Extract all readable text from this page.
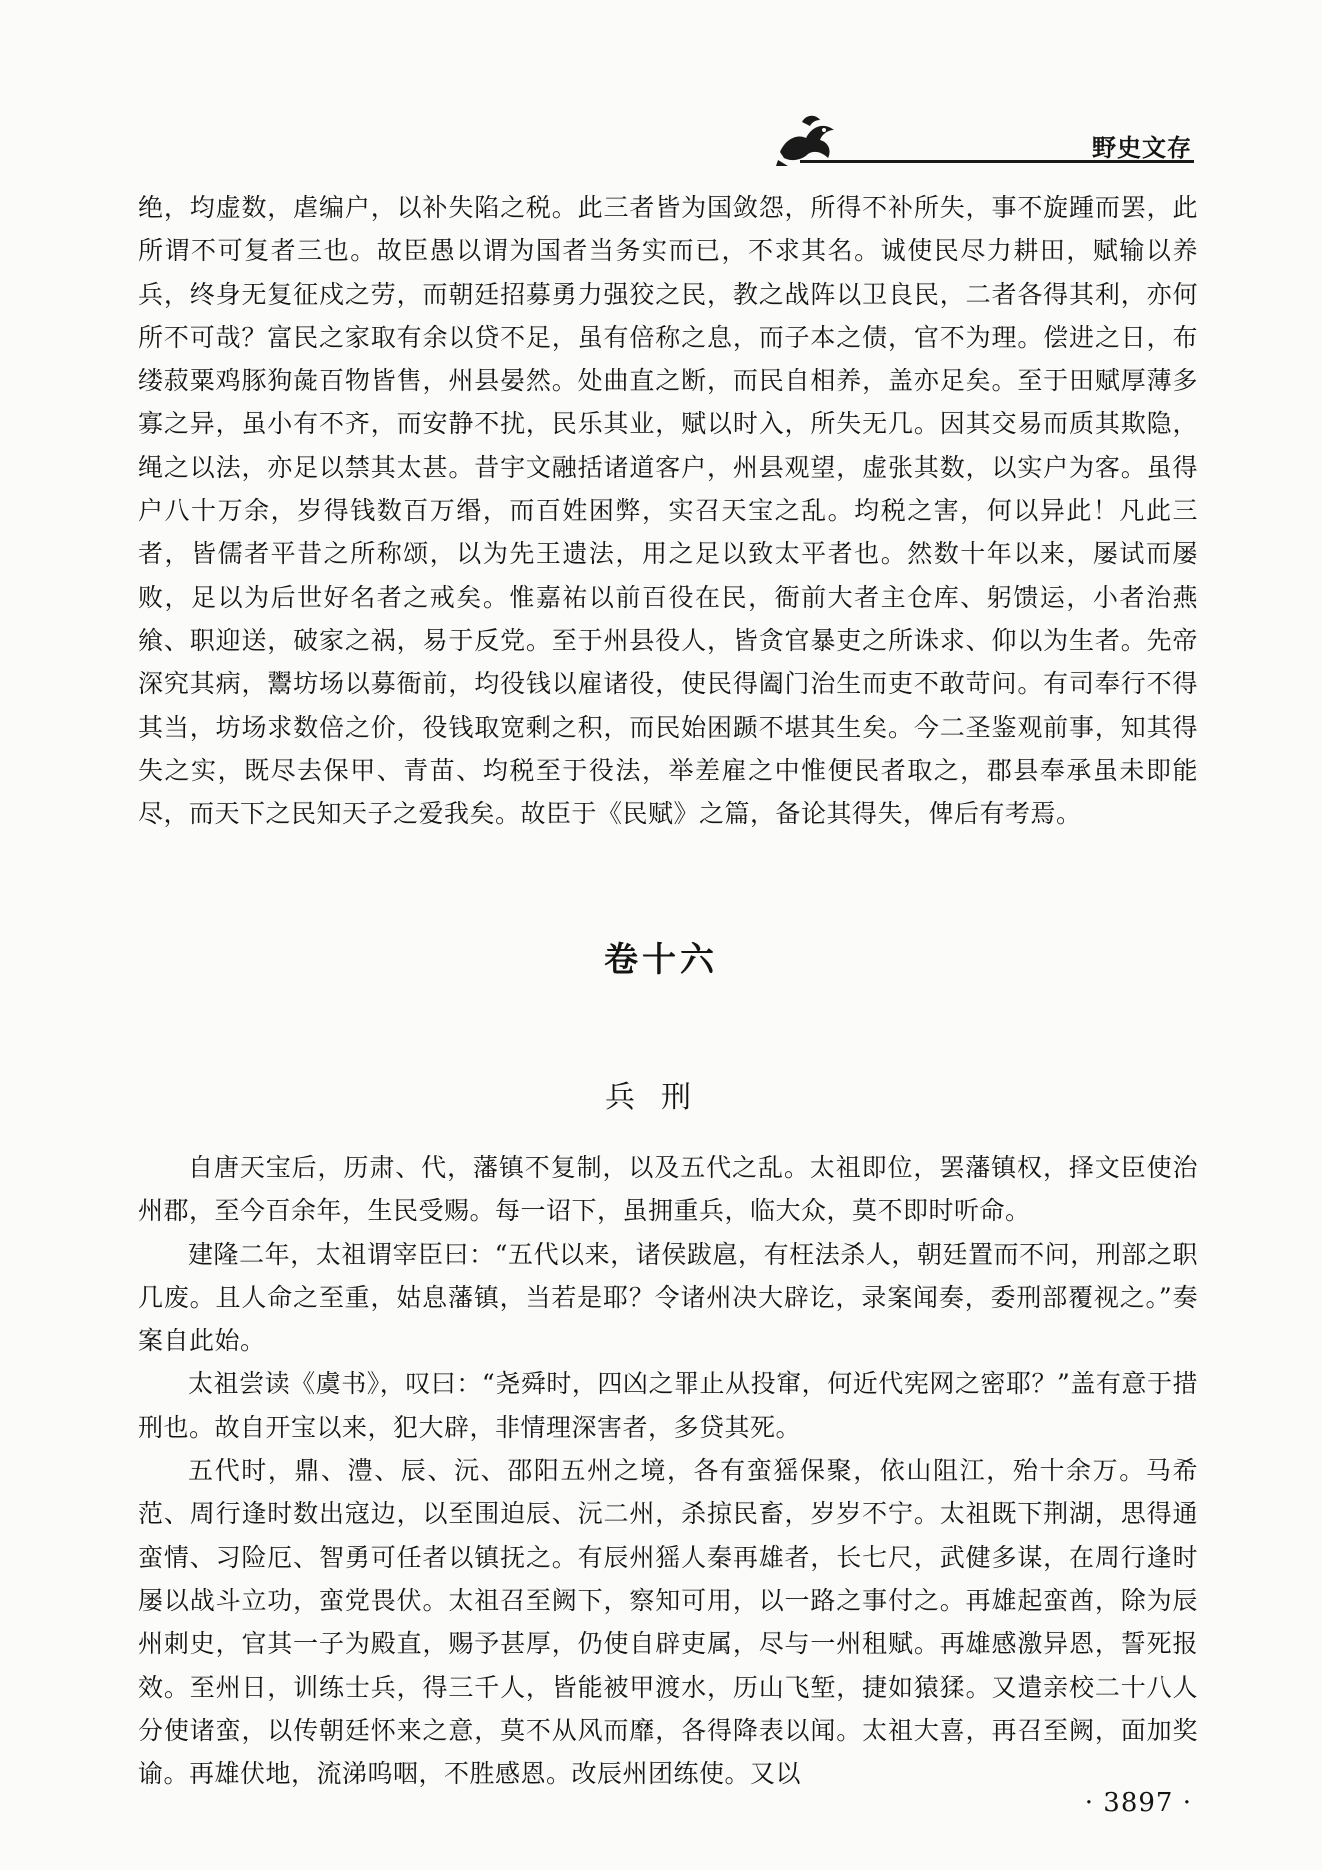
野史文存

绝，均虚数，虐编户，以补失陷之税。此三者皆为国敛怨，所得不补所失，事不旋踵而罢，此所谓不可复者三也。故臣愚以谓为国者当务实而已，不求其名。诚使民尽力耕田，赋输以养兵，终身无复征戍之劳，而朝廷招募勇力强狡之民，教之战阵以卫良民，二者各得其利，亦何所不可哉？富民之家取有余以贷不足，虽有倍称之息，而子本之债，官不为理。偿进之日，布缕菽粟鸡豚狗彘百物皆售，州县晏然。处曲直之断，而民自相养，盖亦足矣。至于田赋厚薄多寡之异，虽小有不齐，而安静不扰，民乐其业，赋以时入，所失无几。因其交易而质其欺隐，绳之以法，亦足以禁其太甚。昔宇文融括诸道客户，州县观望，虚张其数，以实户为客。虽得户八十万余，岁得钱数百万缗，而百姓困弊，实召天宝之乱。均税之害，何以异此！凡此三者，皆儒者平昔之所称颂，以为先王遗法，用之足以致太平者也。然数十年以来，屡试而屡败，足以为后世好名者之戒矣。惟嘉祐以前百役在民，衙前大者主仓库、躬馈运，小者治燕飨、职迎送，破家之祸，易于反党。至于州县役人，皆贪官暴吏之所诛求、仰以为生者。先帝深究其病，鬻坊场以募衙前，均役钱以雇诸役，使民得阖门治生而吏不敢苛问。有司奉行不得其当，坊场求数倍之价，役钱取宽剩之积，而民始困踬不堪其生矣。今二圣鉴观前事，知其得失之实，既尽去保甲、青苗、均税至于役法，举差雇之中惟便民者取之，郡县奉承虽未即能尽，而天下之民知天子之爱我矣。故臣于《民赋》之篇，备论其得失，俾后有考焉。

卷十六
兵刑

自唐天宝后，历肃、代，藩镇不复制，以及五代之乱。太祖即位，罢藩镇权，择文臣使治州郡，至今百余年，生民受赐。每一诏下，虽拥重兵，临大众，莫不即时听命。

建隆二年，太祖谓宰臣曰：“五代以来，诸侯跋扈，有枉法杀人，朝廷置而不问，刑部之职几废。且人命之至重，姑息藩镇，当若是耶？令诸州决大辟讫，录案闻奏，委刑部覆视之。”奏案自此始。

太祖尝读《虞书》，叹曰：“尧舜时，四凶之罪止从投窜，何近代宪网之密耶？”盖有意于措刑也。故自开宝以来，犯大辟，非情理深害者，多贷其死。

五代时，鼎、澧、辰、沅、邵阳五州之境，各有蛮猺保聚，依山阻江，殆十余万。马希范、周行逢时数出寇边，以至围迫辰、沅二州，杀掠民畜，岁岁不宁。太祖既下荆湖，思得通蛮情、习险厄、智勇可任者以镇抚之。有辰州猺人秦再雄者，长七尺，武健多谋，在周行逢时屡以战斗立功，蛮党畏伏。太祖召至阙下，察知可用，以一路之事付之。再雄起蛮酋，除为辰州刺史，官其一子为殿直，赐予甚厚，仍使自辟吏属，尽与一州租赋。再雄感激异恩，誓死报效。至州日，训练士兵，得三千人，皆能被甲渡水，历山飞堑，捷如猿猱。又遣亲校二十八人分使诸蛮，以传朝廷怀来之意，莫不从风而靡，各得降表以闻。太祖大喜，再召至阙，面加奖谕。再雄伏地，流涕呜咽，不胜感恩。改辰州团练使。又以

· 3897 ·
